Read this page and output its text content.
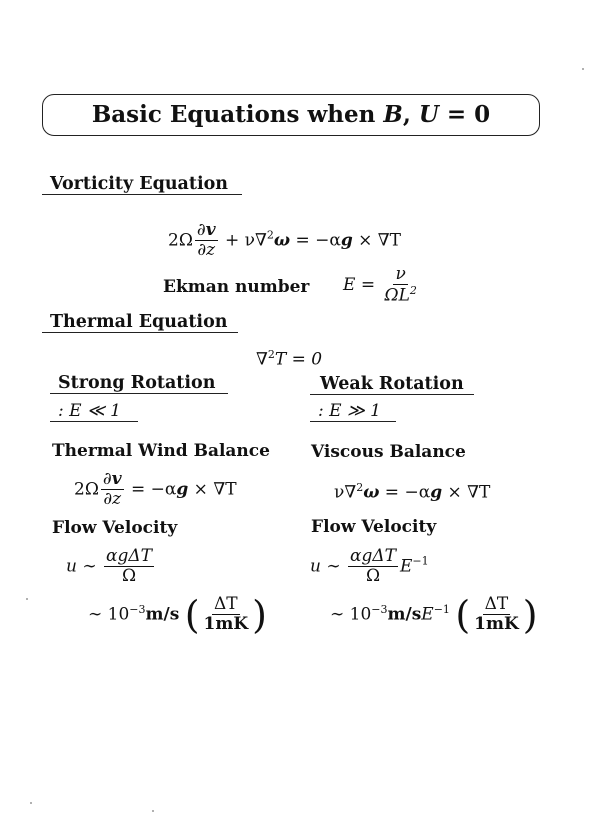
Basic Equations when B, U = 0
Vorticity Equation
$2\Omega \frac{\partial v}{\partial z} + \nu\nabla^2\omega = -\alpha g \times \nabla T$
Ekman number $E = \frac{\nu}{\Omega L^2}$
Thermal Equation
∇$^2$T = 0
Strong Rotation
: E ≪ 1
Weak Rotation
: E ≫ 1
Thermal Wind Balance
$2\Omega \frac{\partial v}{\partial z} = -\alpha g \times \nabla T$
Flow Velocity
u ∼ $\frac{\text{αgΔT}}{\Omega}$
∼ $10^{-3}m/s$ ( $\frac{\Delta T}{1mK}$ )
Viscous Balance
ν∇$^2$ω = −αg × ∇T
Flow Velocity
u ∼ $\frac{\text{αgΔT}}{\Omega} E^{-1}$
∼ $10^{-3}m/sE^{-1}$ ( $\frac{\Delta T}{1mK}$ )
